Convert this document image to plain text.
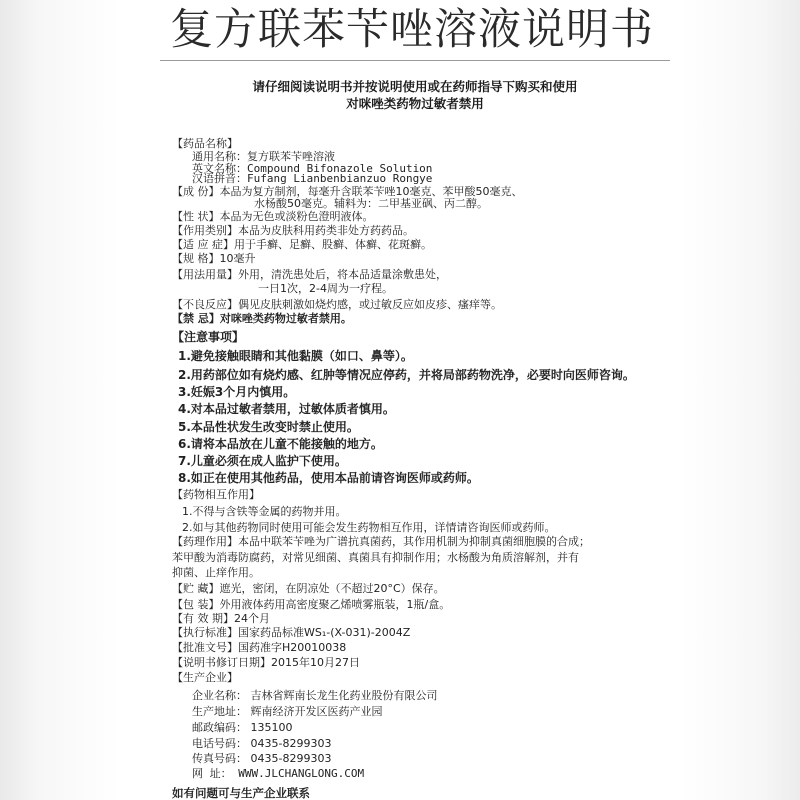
复方联苯苄唑溶液说明书
请仔细阅读说明书并按说明使用或在药师指导下购买和使用
对咪唑类药物过敏者禁用
【药品名称】
通用名称：复方联苯苄唑溶液
英文名称：Compound Bifonazole Solution
汉语拼音：Fufang Lianbenbianzuo Rongye
【成 份】本品为复方制剂，每毫升含联苯苄唑10毫克、苯甲酸50毫克、
水杨酸50毫克。辅料为：二甲基亚砜、丙二醇。
【性 状】本品为无色或淡粉色澄明液体。
【作用类别】本品为皮肤科用药类非处方药药品。
【适 应 症】用于手癣、足癣、股癣、体癣、花斑癣。
【规 格】10毫升
【用法用量】外用，清洗患处后，将本品适量涂敷患处，
一日1次，2-4周为一疗程。
【不良反应】偶见皮肤刺激如烧灼感，或过敏反应如皮疹、瘙痒等。
【禁 忌】对咪唑类药物过敏者禁用。
【注意事项】
1.避免接触眼睛和其他黏膜（如口、鼻等）。
2.用药部位如有烧灼感、红肿等情况应停药，并将局部药物洗净，必要时向医师咨询。
3.妊娠3个月内慎用。
4.对本品过敏者禁用，过敏体质者慎用。
5.本品性状发生改变时禁止使用。
6.请将本品放在儿童不能接触的地方。
7.儿童必须在成人监护下使用。
8.如正在使用其他药品，使用本品前请咨询医师或药师。
【药物相互作用】
1.不得与含铁等金属的药物并用。
2.如与其他药物同时使用可能会发生药物相互作用，详情请咨询医师或药师。
【药理作用】本品中联苯苄唑为广谱抗真菌药，其作用机制为抑制真菌细胞膜的合成；
苯甲酸为消毒防腐药，对常见细菌、真菌具有抑制作用；水杨酸为角质溶解剂，并有
抑菌、止痒作用。
【贮 藏】遮光，密闭，在阴凉处（不超过20°C）保存。
【包 装】外用液体药用高密度聚乙烯喷雾瓶装，1瓶/盒。
【有 效 期】24个月
【执行标准】国家药品标准WS₁-(X-031)-2004Z
【批准文号】国药准字H20010038
【说明书修订日期】2015年10月27日
【生产企业】
企业名称： 吉林省辉南长龙生化药业股份有限公司
生产地址： 辉南经济开发区医药产业园
邮政编码： 135100
电话号码： 0435-8299303
传真号码： 0435-8299303
网 址： WWW.JLCHANGLONG.COM
如有问题可与生产企业联系
